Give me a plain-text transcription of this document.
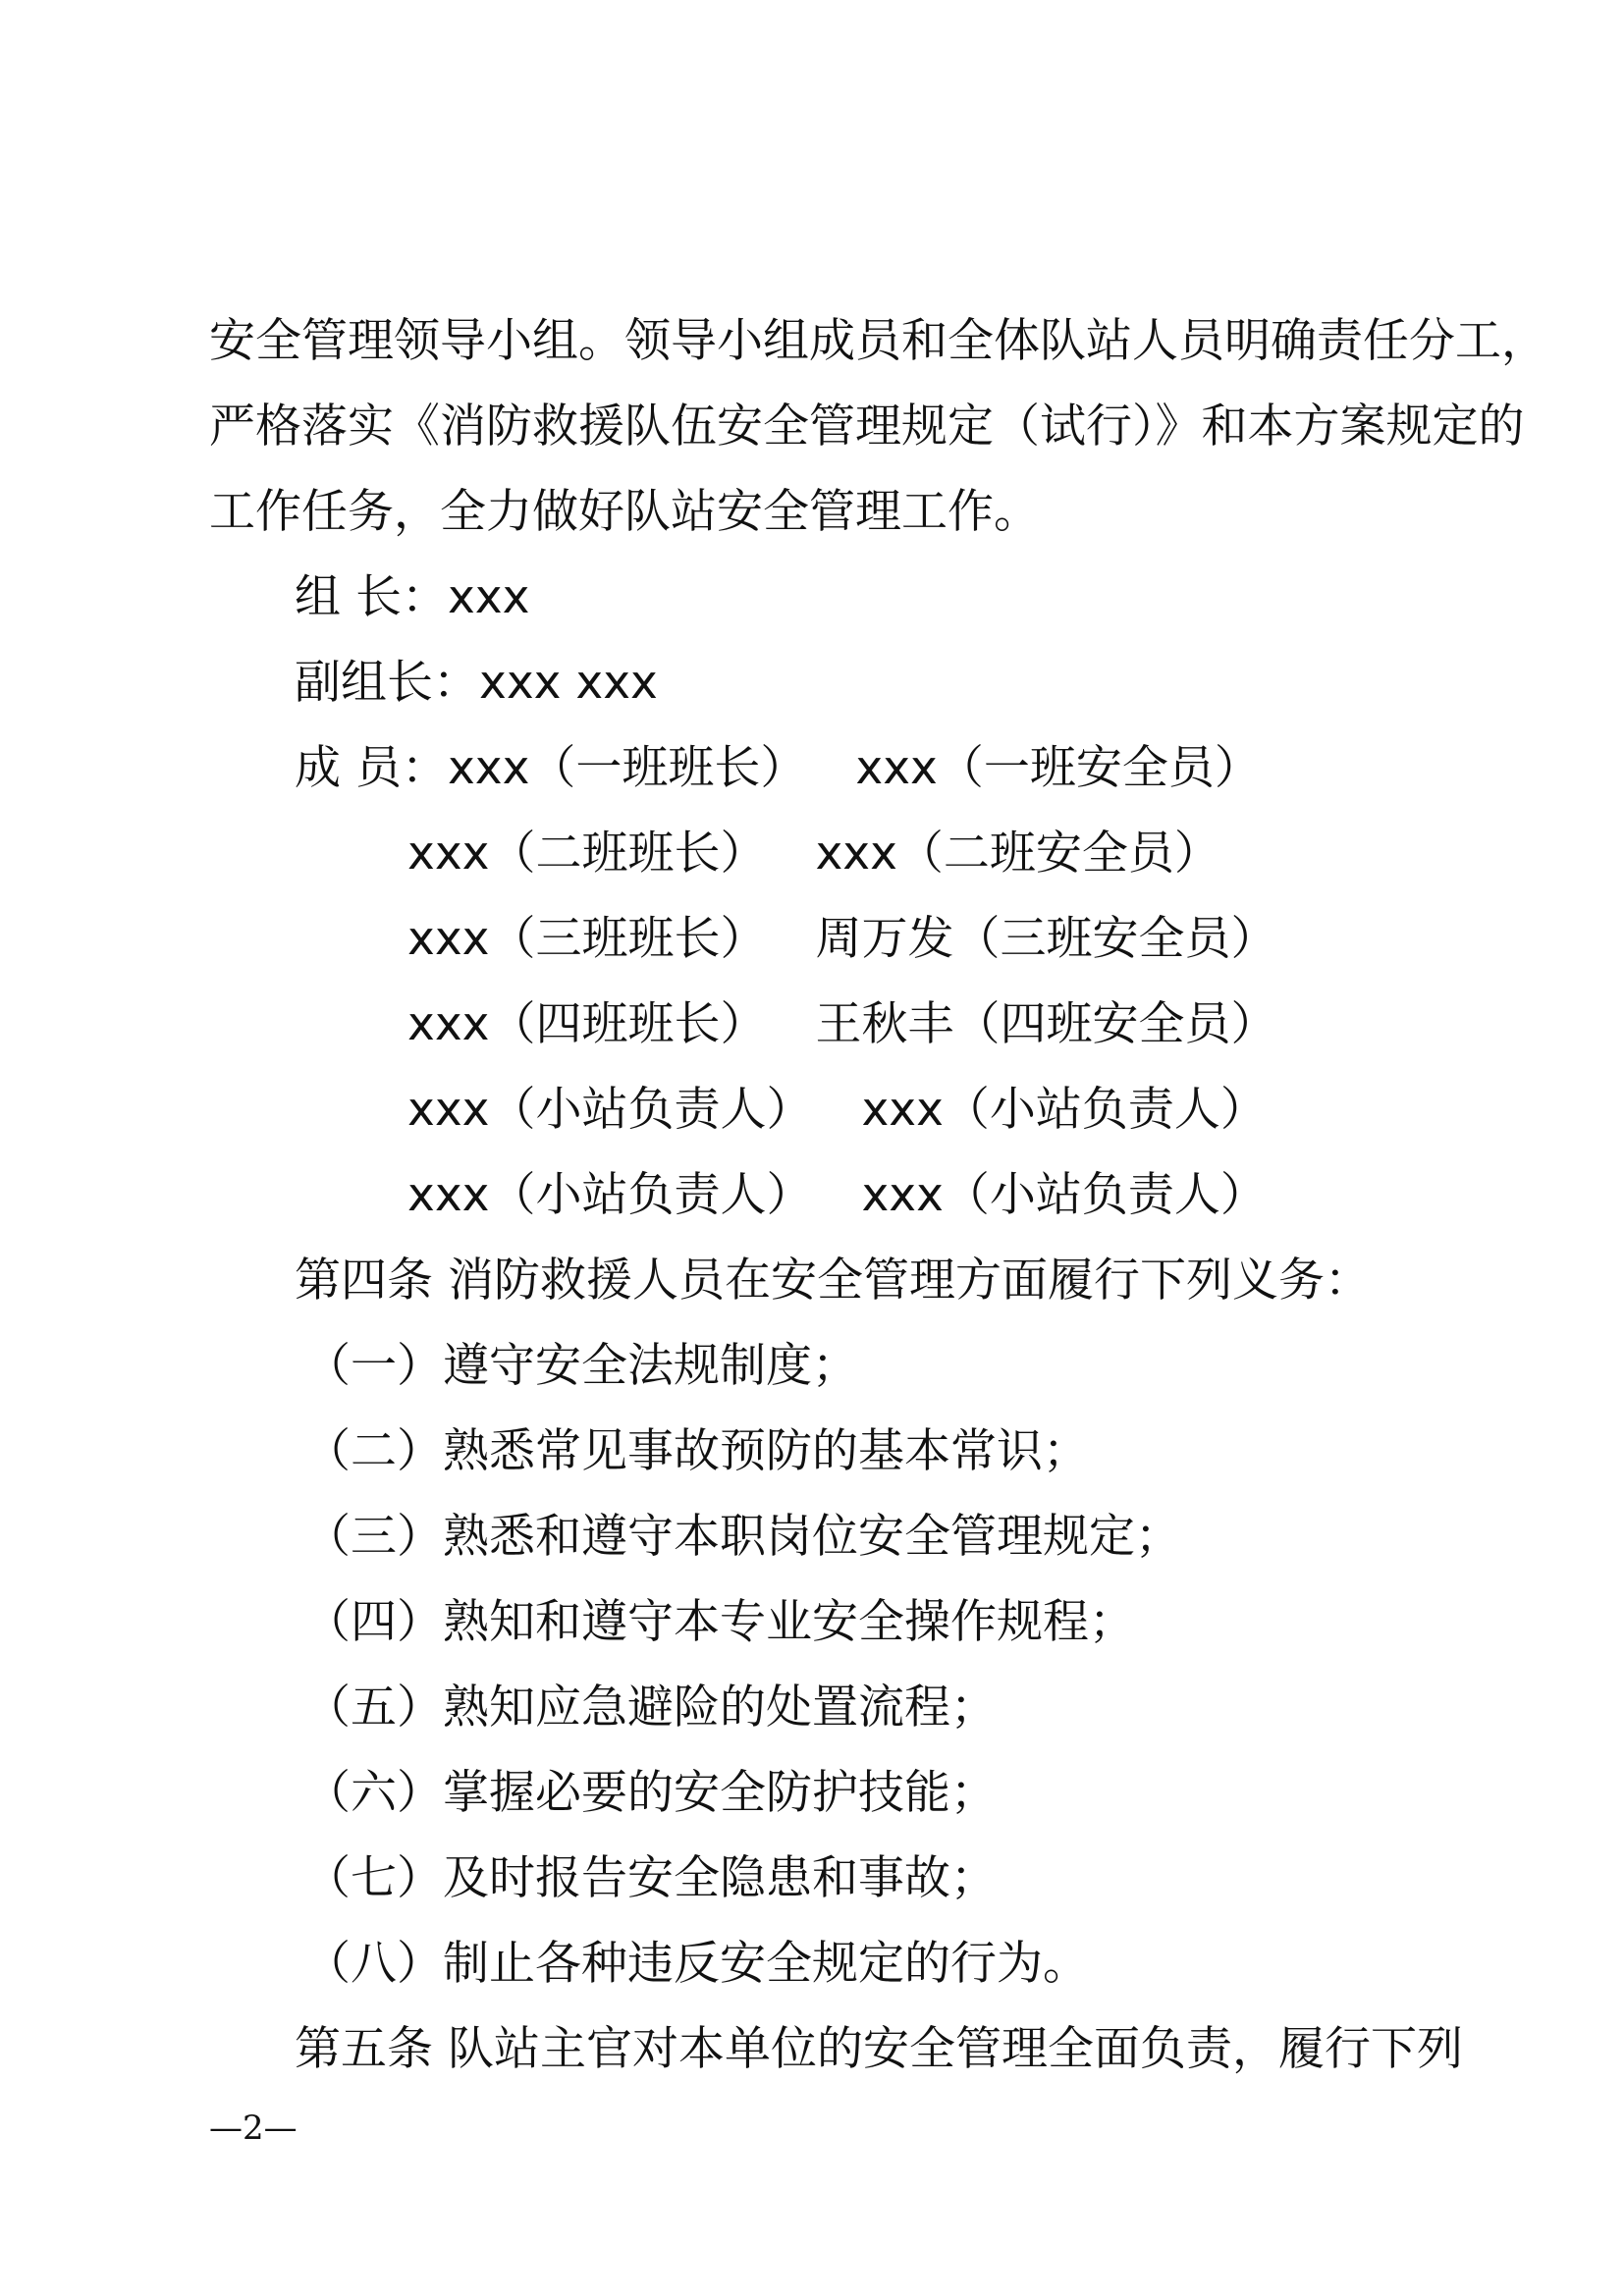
安全管理领导小组。领导小组成员和全体队站人员明确责任分工，
严格落实《消防救援队伍安全管理规定（试行）》和本方案规定的
工作任务，全力做好队站安全管理工作。
组 长：xxx
副组长：xxx xxx
成 员：xxx（一班班长） xxx（一班安全员）
xxx（二班班长） xxx（二班安全员）
xxx（三班班长） 周万发（三班安全员）
xxx（四班班长） 王秋丰（四班安全员）
xxx（小站负责人） xxx（小站负责人）
xxx（小站负责人） xxx（小站负责人）
第四条 消防救援人员在安全管理方面履行下列义务：
（一）遵守安全法规制度；
（二）熟悉常见事故预防的基本常识；
（三）熟悉和遵守本职岗位安全管理规定；
（四）熟知和遵守本专业安全操作规程；
（五）熟知应急避险的处置流程；
（六）掌握必要的安全防护技能；
（七）及时报告安全隐患和事故；
（八）制止各种违反安全规定的行为。
第五条 队站主官对本单位的安全管理全面负责，履行下列
—2—
